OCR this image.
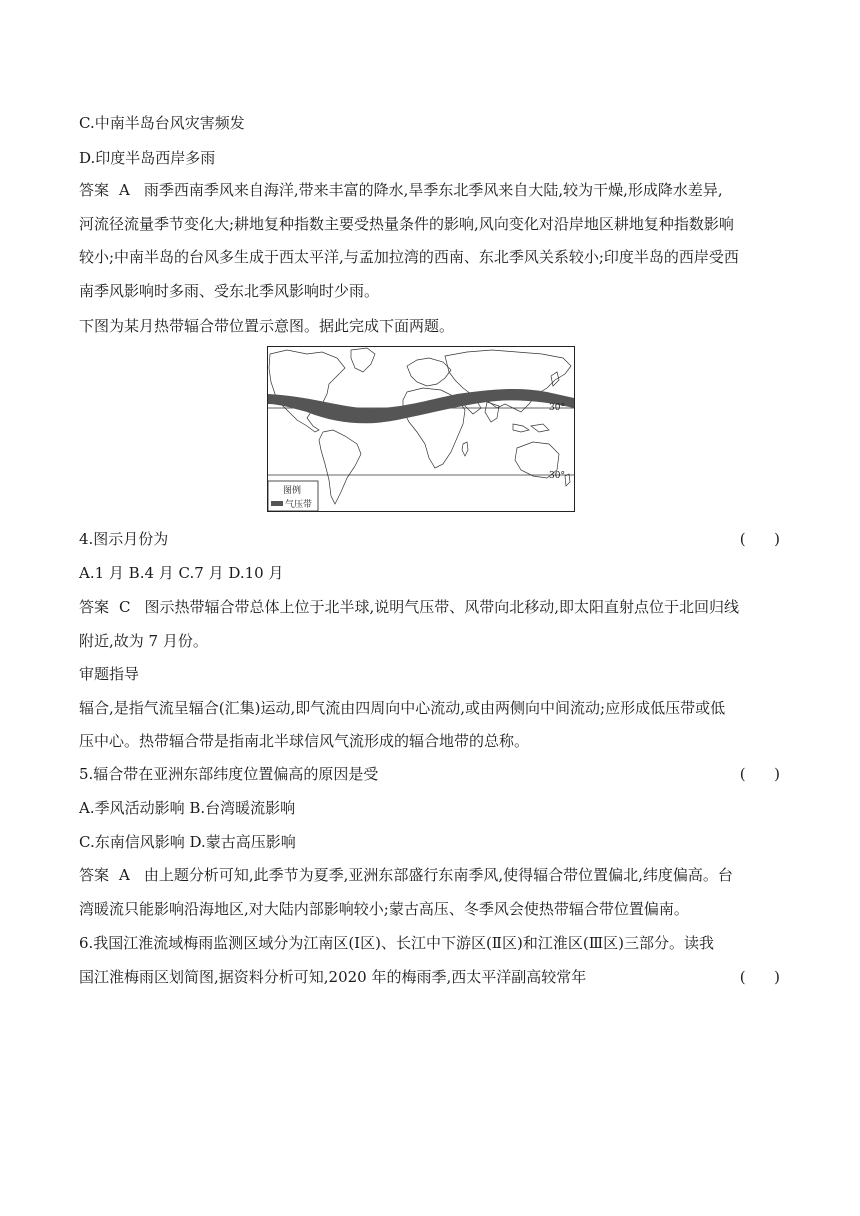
C.中南半岛台风灾害频发
D.印度半岛西岸多雨
答案 A 雨季西南季风来自海洋,带来丰富的降水,旱季东北季风来自大陆,较为干燥,形成降水差异,
河流径流量季节变化大;耕地复种指数主要受热量条件的影响,风向变化对沿岸地区耕地复种指数影响
较小;中南半岛的台风多生成于西太平洋,与孟加拉湾的西南、东北季风关系较小;印度半岛的西岸受西
南季风影响时多雨、受东北季风影响时少雨。
下图为某月热带辐合带位置示意图。据此完成下面两题。
30°
30°
图例
气压带
4.图示月份为	(      )
A.1 月 B.4 月 C.7 月 D.10 月
答案 C 图示热带辐合带总体上位于北半球,说明气压带、风带向北移动,即太阳直射点位于北回归线
附近,故为 7 月份。
审题指导
辐合,是指气流呈辐合(汇集)运动,即气流由四周向中心流动,或由两侧向中间流动;应形成低压带或低
压中心。热带辐合带是指南北半球信风气流形成的辐合地带的总称。
5.辐合带在亚洲东部纬度位置偏高的原因是受	(      )
A.季风活动影响 B.台湾暖流影响
C.东南信风影响 D.蒙古高压影响
答案 A 由上题分析可知,此季节为夏季,亚洲东部盛行东南季风,使得辐合带位置偏北,纬度偏高。台
湾暖流只能影响沿海地区,对大陆内部影响较小;蒙古高压、冬季风会使热带辐合带位置偏南。
6.我国江淮流域梅雨监测区域分为江南区(Ⅰ区)、长江中下游区(Ⅱ区)和江淮区(Ⅲ区)三部分。读我
国江淮梅雨区划简图,据资料分析可知,2020 年的梅雨季,西太平洋副高较常年	(      )
